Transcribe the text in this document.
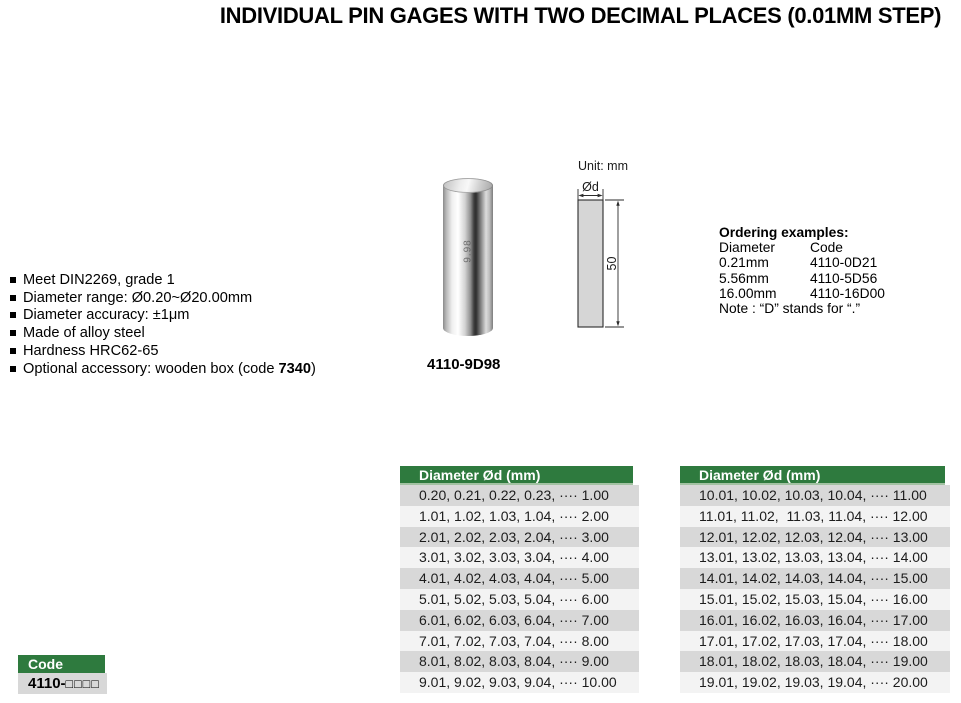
INDIVIDUAL PIN GAGES WITH TWO DECIMAL PLACES (0.01MM STEP)
Meet DIN2269, grade 1
Diameter range: Ø0.20~Ø20.00mm
Diameter accuracy: ±1μm
Made of alloy steel
Hardness HRC62-65
Optional accessory: wooden box (code 7340 )
9.98
4110-9D98
Unit: mm
Ød
50
Ordering examples:
Diameter	Code
0.21mm	4110-0D21
5.56mm	4110-5D56
16.00mm	4110-16D00
Note : “D” stands for “.”
Diameter Ød (mm)
0.20, 0.21, 0.22, 0.23, ···· 1.00
1.01, 1.02, 1.03, 1.04, ···· 2.00
2.01, 2.02, 2.03, 2.04, ···· 3.00
3.01, 3.02, 3.03, 3.04, ···· 4.00
4.01, 4.02, 4.03, 4.04, ···· 5.00
5.01, 5.02, 5.03, 5.04, ···· 6.00
6.01, 6.02, 6.03, 6.04, ···· 7.00
7.01, 7.02, 7.03, 7.04, ···· 8.00
8.01, 8.02, 8.03, 8.04, ···· 9.00
9.01, 9.02, 9.03, 9.04, ···· 10.00
Diameter Ød (mm)
10.01, 10.02, 10.03, 10.04, ···· 11.00
11.01, 11.02,  11.03, 11.04, ···· 12.00
12.01, 12.02, 12.03, 12.04, ···· 13.00
13.01, 13.02, 13.03, 13.04, ···· 14.00
14.01, 14.02, 14.03, 14.04, ···· 15.00
15.01, 15.02, 15.03, 15.04, ···· 16.00
16.01, 16.02, 16.03, 16.04, ···· 17.00
17.01, 17.02, 17.03, 17.04, ···· 18.00
18.01, 18.02, 18.03, 18.04, ···· 19.00
19.01, 19.02, 19.03, 19.04, ···· 20.00
Code
4110-□□□□
